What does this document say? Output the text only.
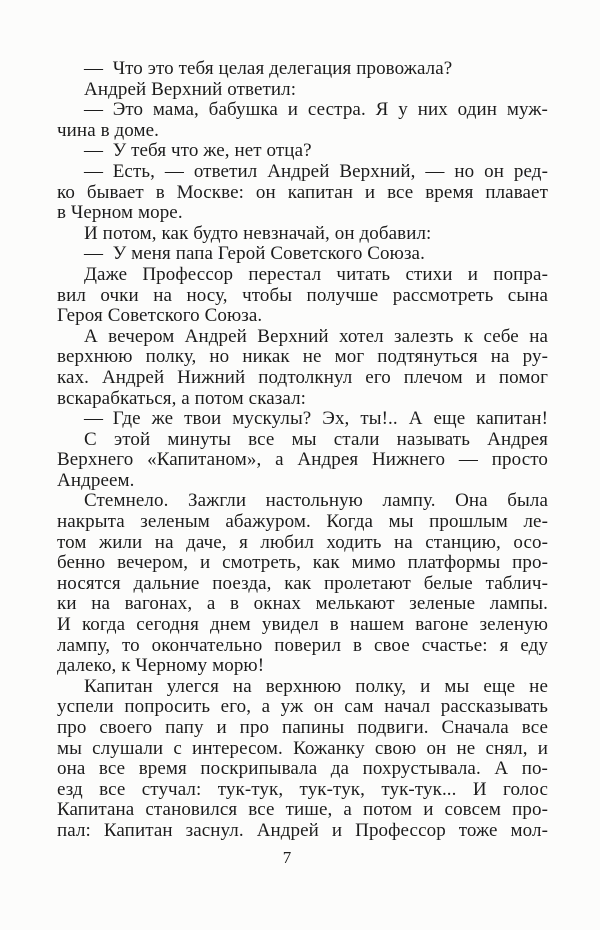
— Что это тебя целая делегация провожала?
Андрей Верхний ответил:
— Это мама, бабушка и сестра. Я у них один муж-
чина в доме.
— У тебя что же, нет отца?
— Есть, — ответил Андрей Верхний, — но он ред-
ко бывает в Москве: он капитан и все время плавает
в Черном море.
И потом, как будто невзначай, он добавил:
— У меня папа Герой Советского Союза.
Даже Профессор перестал читать стихи и попра-
вил очки на носу, чтобы получше рассмотреть сына
Героя Советского Союза.
А вечером Андрей Верхний хотел залезть к себе на
верхнюю полку, но никак не мог подтянуться на ру-
ках. Андрей Нижний подтолкнул его плечом и помог
вскарабкаться, а потом сказал:
— Где же твои мускулы? Эх, ты!.. А еще капитан!
С этой минуты все мы стали называть Андрея
Верхнего «Капитаном», а Андрея Нижнего — просто
Андреем.
Стемнело. Зажгли настольную лампу. Она была
накрыта зеленым абажуром. Когда мы прошлым ле-
том жили на даче, я любил ходить на станцию, осо-
бенно вечером, и смотреть, как мимо платформы про-
носятся дальние поезда, как пролетают белые таблич-
ки на вагонах, а в окнах мелькают зеленые лампы.
И когда сегодня днем увидел в нашем вагоне зеленую
лампу, то окончательно поверил в свое счастье: я еду
далеко, к Черному морю!
Капитан улегся на верхнюю полку, и мы еще не
успели попросить его, а уж он сам начал рассказывать
про своего папу и про папины подвиги. Сначала все
мы слушали с интересом. Кожанку свою он не снял, и
она все время поскрипывала да похрустывала. А по-
езд все стучал: тук-тук, тук-тук, тук-тук... И голос
Капитана становился все тише, а потом и совсем про-
пал: Капитан заснул. Андрей и Профессор тоже мол-
7
